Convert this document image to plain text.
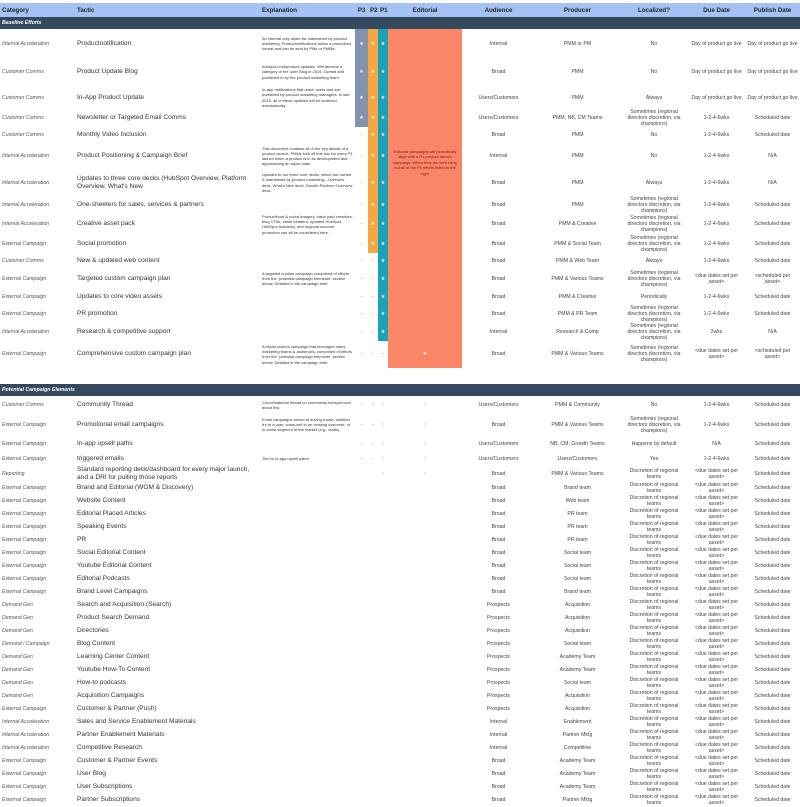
Category	Tactic	Explanation	P3	P2	P1	Editorial	Audience	Producer	Localized?	Due Date	Publish Date
Baseline Efforts											
Internal Acceleration	Productnotification	An internal only distro list maintained by product marketing. Productnotifications follow a prescribed format and can be sent by PMs or PMMs.	★	★	★		Internal	PMM or PM	No	Day of product go live	Day of product go live
Customer Comms	Product Update Blog	hubspot.com/product-updates. Will become a category of the User Blog in 2019. Owned and published to by the product marketing team.	★	★	★		Broad	PMM	No	Day of product go live	Day of product go live
Customer Comms	In-App Product Update	In-app notifications that reach users and are published by product marketing managers. In late 2018, all of these updates will be localized automatically.	★	★	★		Users/Customers	PMM	Always	Day of product go live	Day of product go live
Customer Comms	Newsletter or Targeted Email Comms		★	★	★		Users/Customers	PMM, NB, CM Teams	Sometimes (regional directors discretion, via champions)	1-2-4-6wks	Scheduled date
Customer Comms	Monthly Video Inclusion		-	★	★		Broad	PMM	No	1-2-4-6wks	Scheduled date
Internal Acceleration	Product Positioning & Campaign Brief	This document contains all of the key details of a product launch. PMMs kick off this doc for every P1 launch when a product is in its development and approaching an alpha state.	-	★	★	Editorial campaigns will periodically align with a P1 product launch campaign. When they do, we'll carry out all of the P1 efforts listed to the right	Internal	PMM	No	1-2-4-6wks	N/A
Internal Acceleration	Updates to three core decks (HubSpot Overview, Platform Overview, What's New	Updates to our three core decks, which are owned & maintained by product marketing-- Overview deck, What's New deck, Growth Platform Overview deck.	-	★	★		Broad	PMM	Always	1-2-4-6wks	N/A
Internal Acceleration	One-sheeters for sales, services & partners		-	★	★		Broad	PMM	Sometimes (regional directors discretion, via champions)	1-2-4-6wks	Scheduled date
Internal Acceleration	Creative asset pack	ProductHunt & social imagery, basic paid creatives, blog CTAs, email headers, updated HubSpot, HubSpot Academy, and regional account promotion can all be considered here.	-	★	★		Broad	PMM & Creative	Sometimes (regional directors discretion, via champions)	1-2-4-6wks	Scheduled date
External Campaign	Social promotion		-	★	★		Broad	PMM & Social Team	Sometimes (regional directors discretion, via champions)	1-2-4-6wks	Scheduled date
Customer Comms	New & updated web content		-	-	★		Broad	PMM & Web Team	Always	1-2-4-6wks	Scheduled date
External Campaign	Targeted custom campaign plan	A targeted custom campaign comprised of efforts from the "potential campaign elements" section below. Detailed in the campaign brief.	-	-	★		Broad	PMM & Various Teams	Sometimes (regional directors discretion, via champions)	<due dates set per asset>	<scheduled per asset>
External Campaign	Updates to core video assets		-	-	★		Broad	PMM & Creative	Periodically	1-2-4-6wks	Scheduled date
External Campaign	PR promotion		-	-	★		Broad	PMM & PR Team	Sometimes (regional directors discretion, via champions)	1-2-4-6wks	Scheduled date
Internal Acceleration	Research & competitive support		-	-	★		Internal	Research & Comp	Sometimes (regional directors discretion, via champions)	2wks	N/A
External Campaign	Comprehensive custom campaign plan	A broad custom campaign that leverages many marketing teams & audiences, comprised of efforts from the "potential campaign elements" section below. Detailed in the campaign brief.	-	-	-	★	Broad	PMM & Various Teams	Sometimes (regional directors discretion, via champions)	<due dates set per asset>	<scheduled per asset>

Potential Campaign Elements											
Customer Comms	Community Thread	Conversational thread on community.hubspot.com about this	-	☆	☆	☆	Users/Customers	PMM & Community	No	1-2-4-6wks	Scheduled date
External Campaign	Promotional email campaigns	Email campaigns aimed at driving a sale, whether it's to a user, cross-sell to an existing customer, or to some segment of the market (e.g., leads)	-	-	☆	☆	Broad	PMM & Various Teams	Sometimes (regional directors discretion, via champions)	1-2-4-6wks	Scheduled date
External Campaign	In-app upsell paths		-	-	☆	☆	Users/Customers	NB, CM, Growth Teams	Happens by default	N/A	Scheduled date
External Campaign	triggered emails	Tied to in-app upsell paths	-	-	☆	☆	Users/Customers	Users/Customers	Yes	1-2-4-6wks	Scheduled date
Reporting	Standard reporting deck/dashboard for every major launch, and a DRI for pulling those reports				☆	☆	Broad	PMM & Various Teams	Discretion of regional teams	<due dates set per asset>	Scheduled date
External Campaign	Brand and Editorial (WOM & Discovery)						Broad	Brand team	Discretion of regional teams	<due dates set per asset>	Scheduled date
External Campaign	Website Content						Broad	Web team	Discretion of regional teams	<due dates set per asset>	Scheduled date
External Campaign	Editorial Placed Articles						Broad	PR team	Discretion of regional teams	<due dates set per asset>	Scheduled date
External Campaign	Speaking Events						Broad	PR team	Discretion of regional teams	<due dates set per asset>	Scheduled date
External Campaign	PR						Broad	PR team	Discretion of regional teams	<due dates set per asset>	Scheduled date
External Campaign	Social Editorial Content						Broad	Social team	Discretion of regional teams	<due dates set per asset>	Scheduled date
External Campaign	Youtube Editorial Content						Broad	Social team	Discretion of regional teams	<due dates set per asset>	Scheduled date
External Campaign	Editorial Podcasts						Broad	Social team	Discretion of regional teams	<due dates set per asset>	Scheduled date
External Campaign	Brand Level Campaigns						Broad	Brand team	Discretion of regional teams	<due dates set per asset>	Scheduled date
Demand Gen	Search and Acquisition (Search)						Prospects	Acquisition	Discretion of regional teams	<due dates set per asset>	Scheduled date
Demand Gen	Product Search Demand						Prospects	Acquisition	Discretion of regional teams	<due dates set per asset>	Scheduled date
Demand Gen	Directories						Prospects	Acquisition	Discretion of regional teams	<due dates set per asset>	Scheduled date
Demand / Campaign	Blog Content						Prospects	Social team	Discretion of regional teams	<due dates set per asset>	Scheduled date
Demand Gen	Learning Center Content						Prospects	Academy Team	Discretion of regional teams	<due dates set per asset>	Scheduled date
Demand Gen	Youtube How-To Content						Prospects	Academy Team	Discretion of regional teams	<due dates set per asset>	Scheduled date
Demand Gen	How-to podcasts						Prospects	Social team	Discretion of regional teams	<due dates set per asset>	Scheduled date
Demand Gen	Acquisition Campaigns						Prospects	Acquisition	Discretion of regional teams	<due dates set per asset>	Scheduled date
External Campaign	Customer & Partner (Push)						Prospects	Acquisition	Discretion of regional teams	<due dates set per asset>	Scheduled date
Internal Acceleration	Sales and Service Enablement Materials						Internal	Enablement	Discretion of regional teams	<due dates set per asset>	Scheduled date
Internal Acceleration	Partner Enablement Materials						Internal	Partner Mktg	Discretion of regional teams	<due dates set per asset>	Scheduled date
Internal Acceleration	Competitive Research						Internal	Competitive	Discretion of regional teams	<due dates set per asset>	Scheduled date
External Campaign	Customer & Partner Events						Broad	Academy Team	Discretion of regional teams	<due dates set per asset>	Scheduled date
External Campaign	User Blog						Broad	Academy Team	Discretion of regional teams	<due dates set per asset>	Scheduled date
External Campaign	User Subscriptions						Broad	Academy Team	Discretion of regional teams	<due dates set per asset>	Scheduled date
External Campaign	Partner Subscriptions						Broad	Partner Mktg	Discretion of regional teams	<due dates set per asset>	Scheduled date
